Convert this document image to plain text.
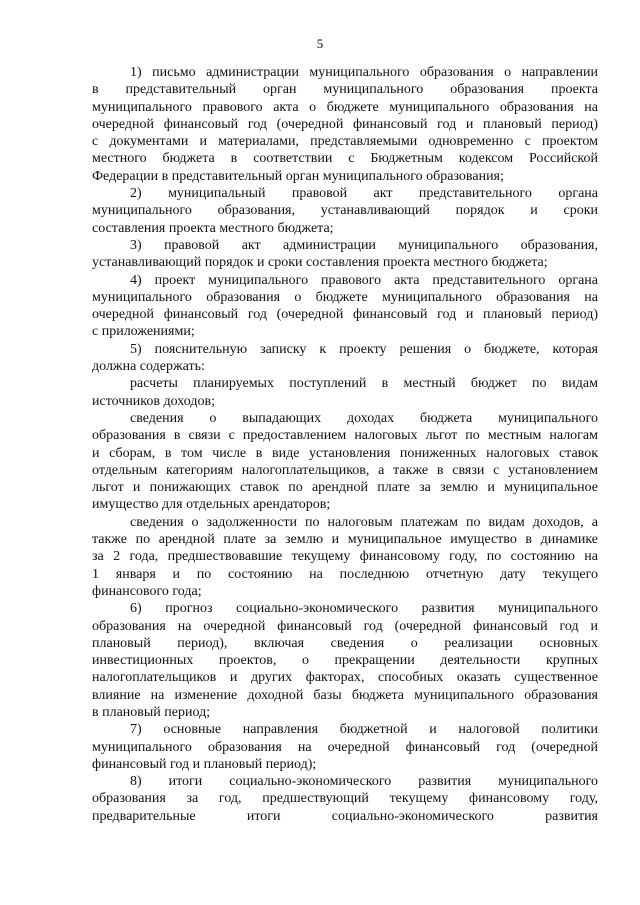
5
1) письмо администрации муниципального образования о направлении
в представительный орган муниципального образования проекта
муниципального правового акта о бюджете муниципального образования на
очередной финансовый год (очередной финансовый год и плановый период)
с документами и материалами, представляемыми одновременно с проектом
местного бюджета в соответствии с Бюджетным кодексом Российской
Федерации в представительный орган муниципального образования;
2) муниципальный правовой акт представительного органа
муниципального образования, устанавливающий порядок и сроки
составления проекта местного бюджета;
3) правовой акт администрации муниципального образования,
устанавливающий порядок и сроки составления проекта местного бюджета;
4) проект муниципального правового акта представительного органа
муниципального образования о бюджете муниципального образования на
очередной финансовый год (очередной финансовый год и плановый период)
с приложениями;
5) пояснительную записку к проекту решения о бюджете, которая
должна содержать:
расчеты планируемых поступлений в местный бюджет по видам
источников доходов;
сведения о выпадающих доходах бюджета муниципального
образования в связи с предоставлением налоговых льгот по местным налогам
и сборам, в том числе в виде установления пониженных налоговых ставок
отдельным категориям налогоплательщиков, а также в связи с установлением
льгот и понижающих ставок по арендной плате за землю и муниципальное
имущество для отдельных арендаторов;
сведения о задолженности по налоговым платежам по видам доходов, а
также по арендной плате за землю и муниципальное имущество в динамике
за 2 года, предшествовавшие текущему финансовому году, по состоянию на
1 января и по состоянию на последнюю отчетную дату текущего
финансового года;
6) прогноз социально-экономического развития муниципального
образования на очередной финансовый год (очередной финансовый год и
плановый период), включая сведения о реализации основных
инвестиционных проектов, о прекращении деятельности крупных
налогоплательщиков и других факторах, способных оказать существенное
влияние на изменение доходной базы бюджета муниципального образования
в плановый период;
7) основные направления бюджетной и налоговой политики
муниципального образования на очередной финансовый год (очередной
финансовый год и плановый период);
8) итоги социально-экономического развития муниципального
образования за год, предшествующий текущему финансовому году,
предварительные итоги социально-экономического развития
